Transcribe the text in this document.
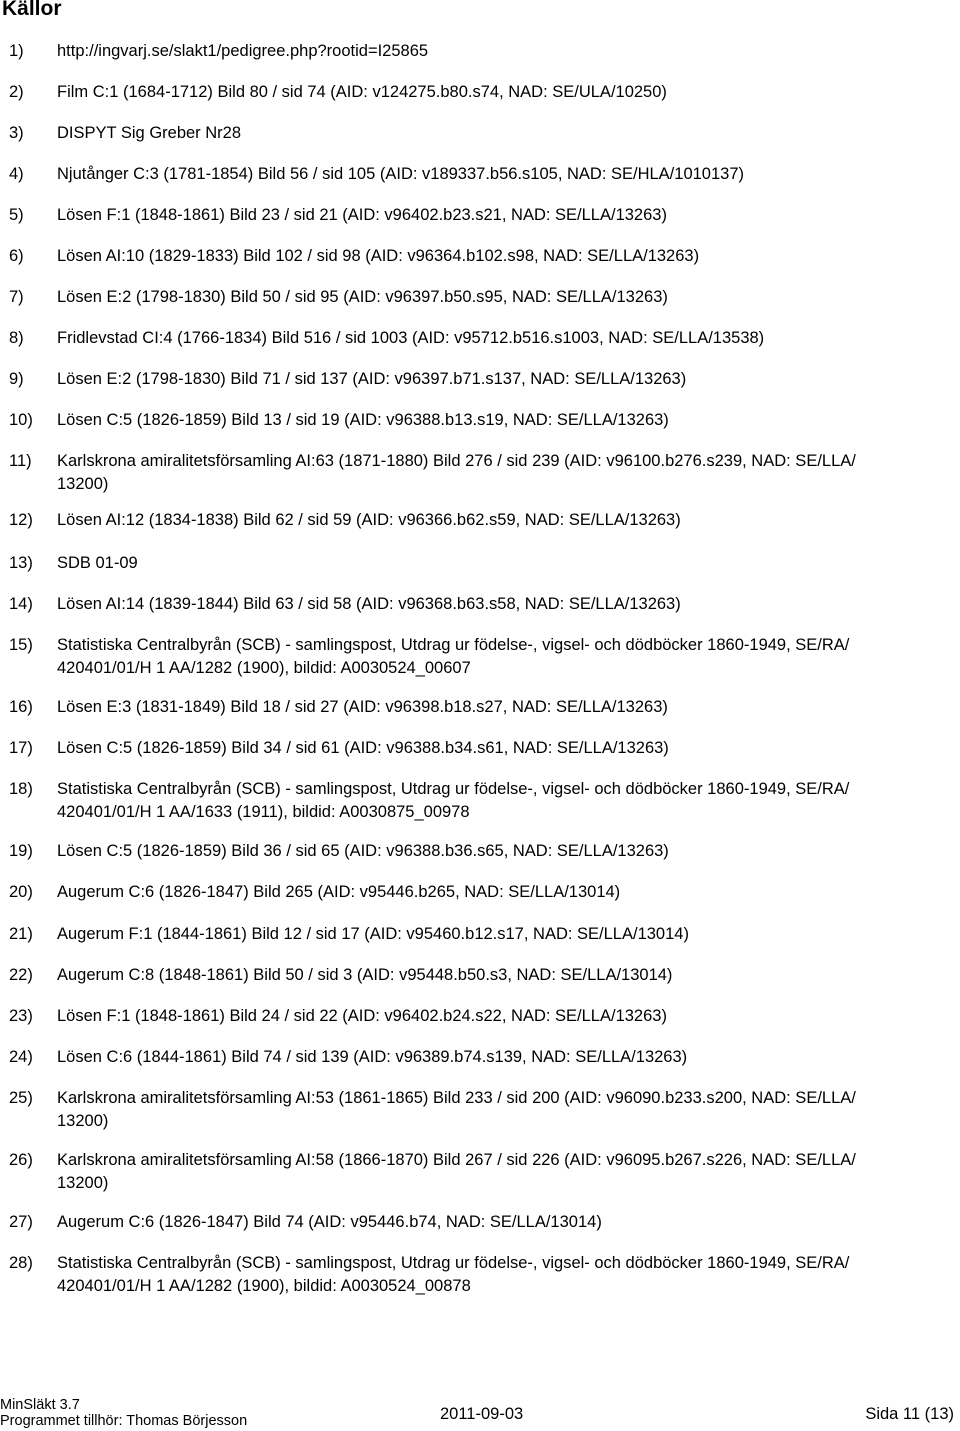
Källor
1) http://ingvarj.se/slakt1/pedigree.php?rootid=I25865
2) Film C:1 (1684-1712) Bild 80 / sid 74 (AID: v124275.b80.s74, NAD: SE/ULA/10250)
3) DISPYT Sig Greber Nr28
4) Njutånger C:3 (1781-1854) Bild 56 / sid 105 (AID: v189337.b56.s105, NAD: SE/HLA/1010137)
5) Lösen F:1 (1848-1861) Bild 23 / sid 21 (AID: v96402.b23.s21, NAD: SE/LLA/13263)
6) Lösen AI:10 (1829-1833) Bild 102 / sid 98 (AID: v96364.b102.s98, NAD: SE/LLA/13263)
7) Lösen E:2 (1798-1830) Bild 50 / sid 95 (AID: v96397.b50.s95, NAD: SE/LLA/13263)
8) Fridlevstad CI:4 (1766-1834) Bild 516 / sid 1003 (AID: v95712.b516.s1003, NAD: SE/LLA/13538)
9) Lösen E:2 (1798-1830) Bild 71 / sid 137 (AID: v96397.b71.s137, NAD: SE/LLA/13263)
10) Lösen C:5 (1826-1859) Bild 13 / sid 19 (AID: v96388.b13.s19, NAD: SE/LLA/13263)
11) Karlskrona amiralitetsförsamling AI:63 (1871-1880) Bild 276 / sid 239 (AID: v96100.b276.s239, NAD: SE/LLA/
13200)
12) Lösen AI:12 (1834-1838) Bild 62 / sid 59 (AID: v96366.b62.s59, NAD: SE/LLA/13263)
13) SDB 01-09
14) Lösen AI:14 (1839-1844) Bild 63 / sid 58 (AID: v96368.b63.s58, NAD: SE/LLA/13263)
15) Statistiska Centralbyrån (SCB) - samlingspost, Utdrag ur födelse-, vigsel- och dödböcker 1860-1949, SE/RA/
420401/01/H 1 AA/1282 (1900), bildid: A0030524_00607
16) Lösen E:3 (1831-1849) Bild 18 / sid 27 (AID: v96398.b18.s27, NAD: SE/LLA/13263)
17) Lösen C:5 (1826-1859) Bild 34 / sid 61 (AID: v96388.b34.s61, NAD: SE/LLA/13263)
18) Statistiska Centralbyrån (SCB) - samlingspost, Utdrag ur födelse-, vigsel- och dödböcker 1860-1949, SE/RA/
420401/01/H 1 AA/1633 (1911), bildid: A0030875_00978
19) Lösen C:5 (1826-1859) Bild 36 / sid 65 (AID: v96388.b36.s65, NAD: SE/LLA/13263)
20) Augerum C:6 (1826-1847) Bild 265 (AID: v95446.b265, NAD: SE/LLA/13014)
21) Augerum F:1 (1844-1861) Bild 12 / sid 17 (AID: v95460.b12.s17, NAD: SE/LLA/13014)
22) Augerum C:8 (1848-1861) Bild 50 / sid 3 (AID: v95448.b50.s3, NAD: SE/LLA/13014)
23) Lösen F:1 (1848-1861) Bild 24 / sid 22 (AID: v96402.b24.s22, NAD: SE/LLA/13263)
24) Lösen C:6 (1844-1861) Bild 74 / sid 139 (AID: v96389.b74.s139, NAD: SE/LLA/13263)
25) Karlskrona amiralitetsförsamling AI:53 (1861-1865) Bild 233 / sid 200 (AID: v96090.b233.s200, NAD: SE/LLA/
13200)
26) Karlskrona amiralitetsförsamling AI:58 (1866-1870) Bild 267 / sid 226 (AID: v96095.b267.s226, NAD: SE/LLA/
13200)
27) Augerum C:6 (1826-1847) Bild 74 (AID: v95446.b74, NAD: SE/LLA/13014)
28) Statistiska Centralbyrån (SCB) - samlingspost, Utdrag ur födelse-, vigsel- och dödböcker 1860-1949, SE/RA/
420401/01/H 1 AA/1282 (1900), bildid: A0030524_00878
MinSläkt 3.7
Programmet tillhör: Thomas Börjesson	2011-09-03	Sida 11 (13)
